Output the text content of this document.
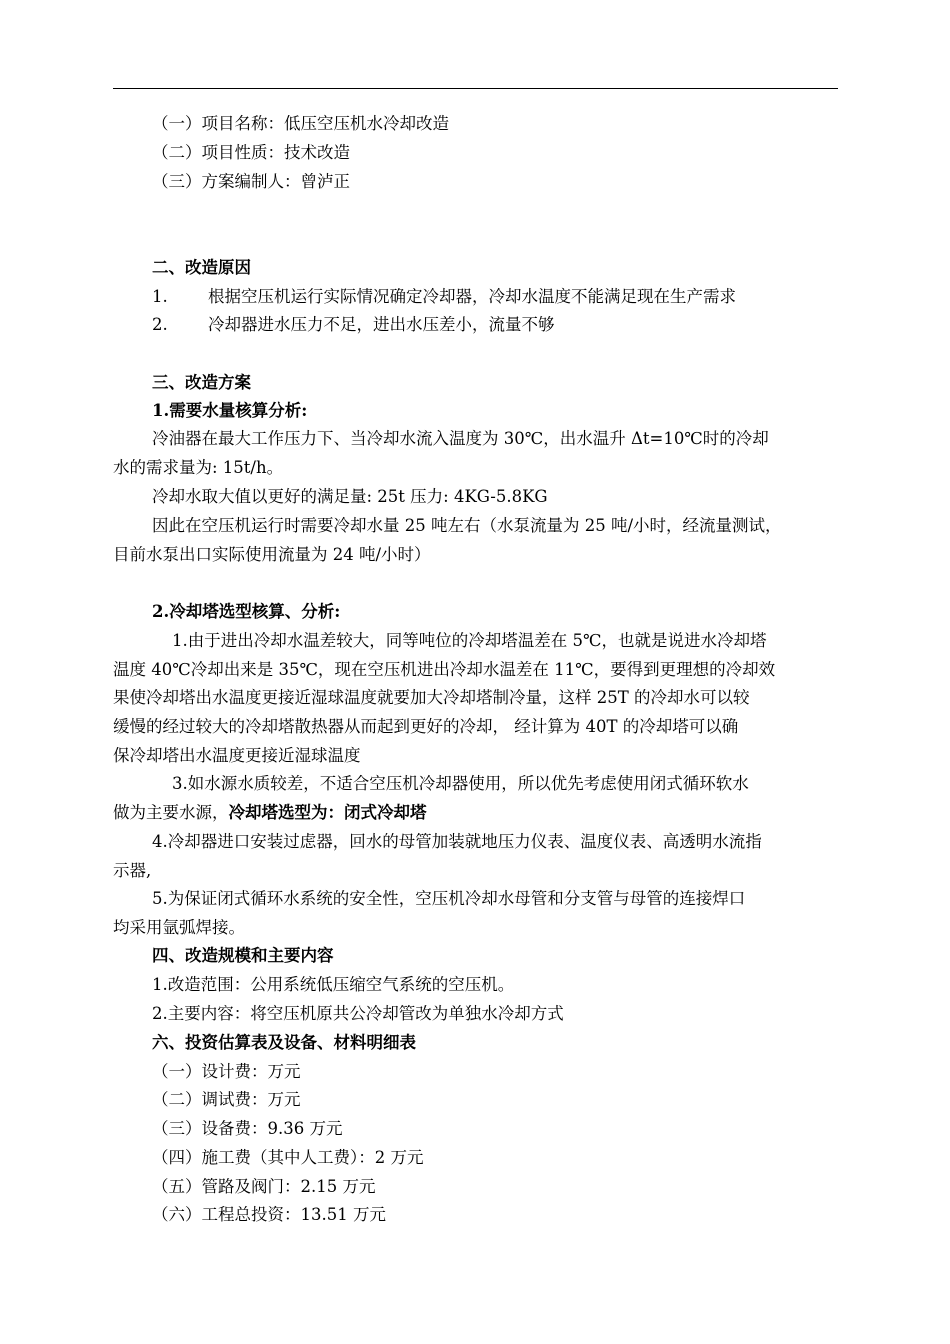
（一）项目名称：低压空压机水冷却改造
（二）项目性质：技术改造
（三）方案编制人：曾泸正
二、改造原因
1. 根据空压机运行实际情况确定冷却器，冷却水温度不能满足现在生产需求
2. 冷却器进水压力不足，进出水压差小，流量不够
三、改造方案
1.需要水量核算分析:
冷油器在最大工作压力下、当冷却水流入温度为 30℃，出水温升 Δt=10℃时的冷却
水的需求量为: 15t/h。
冷却水取大值以更好的满足量: 25t 压力: 4KG-5.8KG
因此在空压机运行时需要冷却水量 25 吨左右（水泵流量为 25 吨/小时，经流量测试，
目前水泵出口实际使用流量为 24 吨/小时）
2.冷却塔选型核算、分析:
1.由于进出冷却水温差较大，同等吨位的冷却塔温差在 5℃，也就是说进水冷却塔
温度 40℃冷却出来是 35℃，现在空压机进出冷却水温差在 11℃，要得到更理想的冷却效
果使冷却塔出水温度更接近湿球温度就要加大冷却塔制冷量，这样 25T 的冷却水可以较
缓慢的经过较大的冷却塔散热器从而起到更好的冷却， 经计算为 40T 的冷却塔可以确
保冷却塔出水温度更接近湿球温度
3.如水源水质较差，不适合空压机冷却器使用，所以优先考虑使用闭式循环软水
做为主要水源，冷却塔选型为：闭式冷却塔
4.冷却器进口安装过虑器，回水的母管加装就地压力仪表、温度仪表、高透明水流指
示器,
5.为保证闭式循环水系统的安全性，空压机冷却水母管和分支管与母管的连接焊口
均采用氩弧焊接。
四、改造规模和主要内容
1.改造范围：公用系统低压缩空气系统的空压机。
2.主要内容：将空压机原共公冷却管改为单独水冷却方式
六、投资估算表及设备、材料明细表
（一）设计费：万元
（二）调试费：万元
（三）设备费：9.36 万元
（四）施工费（其中人工费）：2 万元
（五）管路及阀门：2.15 万元
（六）工程总投资：13.51 万元
